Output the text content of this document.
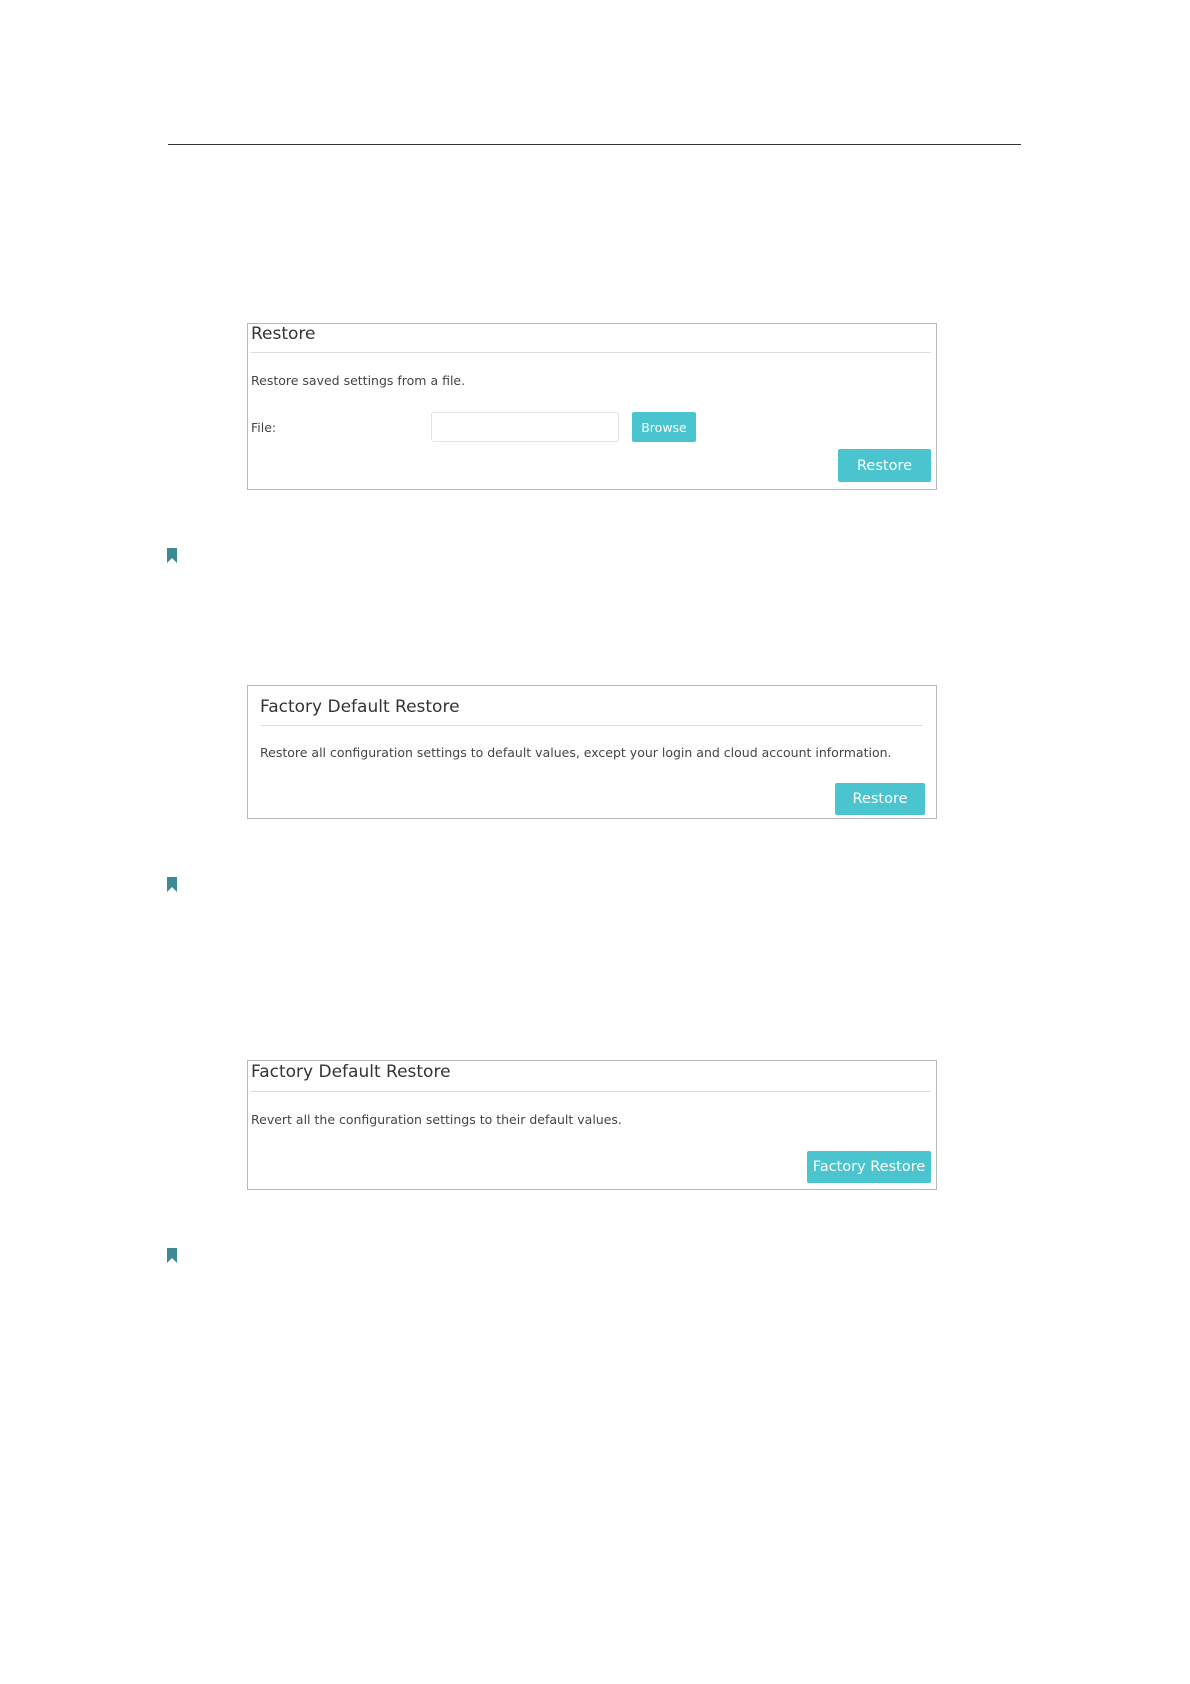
Restore
Restore saved settings from a file.
File:	Browse
Restore
Factory Default Restore
Restore all configuration settings to default values, except your login and cloud account information.
Restore
Factory Default Restore
Revert all the configuration settings to their default values.
Factory Restore
